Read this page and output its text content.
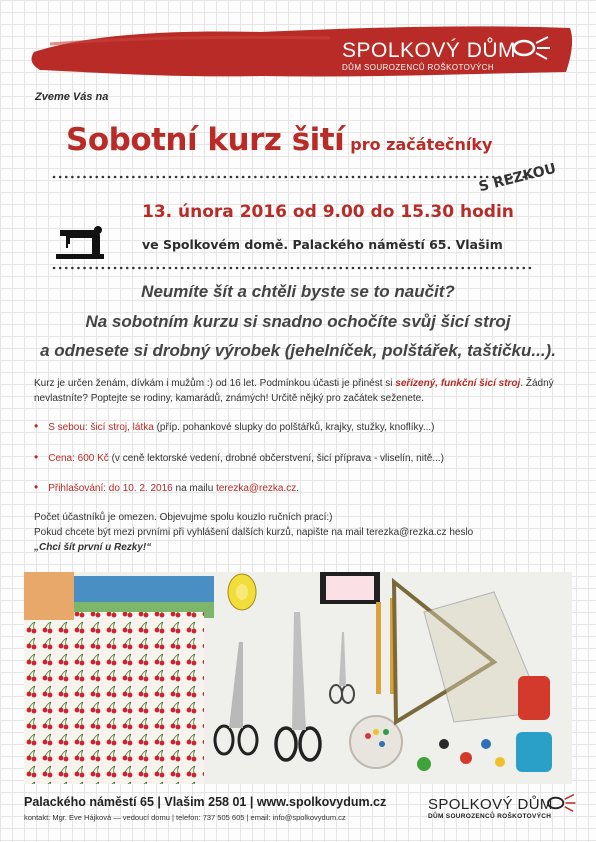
SPOLKOVÝ DŮM
DŮM SOUROZENCŮ ROŠKOTOVÝCH
Zveme Vás na
Sobotní kurz šití pro začátečníky
S REZKOU
13. února 2016 od 9.00 do 15.30 hodin
ve Spolkovém domě. Palackého náměstí 65. Vlašim
Neumíte šít a chtěli byste se to naučit?
Na sobotním kurzu si snadno ochočíte svůj šicí stroj
a odnesete si drobný výrobek (jehelníček, polštářek, taštičku...).
Kurz je určen ženám, dívkám i mužům :) od 16 let. Podmínkou účasti je přinést si seřízený, funkční šicí stroj. Žádný nevlastníte? Poptejte se rodiny, kamarádů, známých! Určitě nějký pro začátek seženete.
• S sebou: šicí stroj, látka (příp. pohankové slupky do polštářků, krajky, stužky, knoflíky...)
• Cena: 600 Kč (v ceně lektorské vedení, drobné občerstvení, šicí příprava - vliselín, nitě...)
• Přihlašování: do 10. 2. 2016 na mailu terezka@rezka.cz.
Počet účastníků je omezen. Objevujme spolu kouzlo ručních prací:)
Pokud chcete být mezi prvními při vyhlášení dalších kurzů, napište na mail terezka@rezka.cz heslo
„Chci šít první u Rezky!“
Palackého náměstí 65 | Vlašim 258 01 | www.spolkovydum.cz
kontakt: Mgr. Eve Hájková — vedoucí domu | telefon: 737 505 605 | email: info@spolkovydum.cz
SPOLKOVÝ DŮM
DŮM SOUROZENCŮ ROŠKOTOVÝCH
